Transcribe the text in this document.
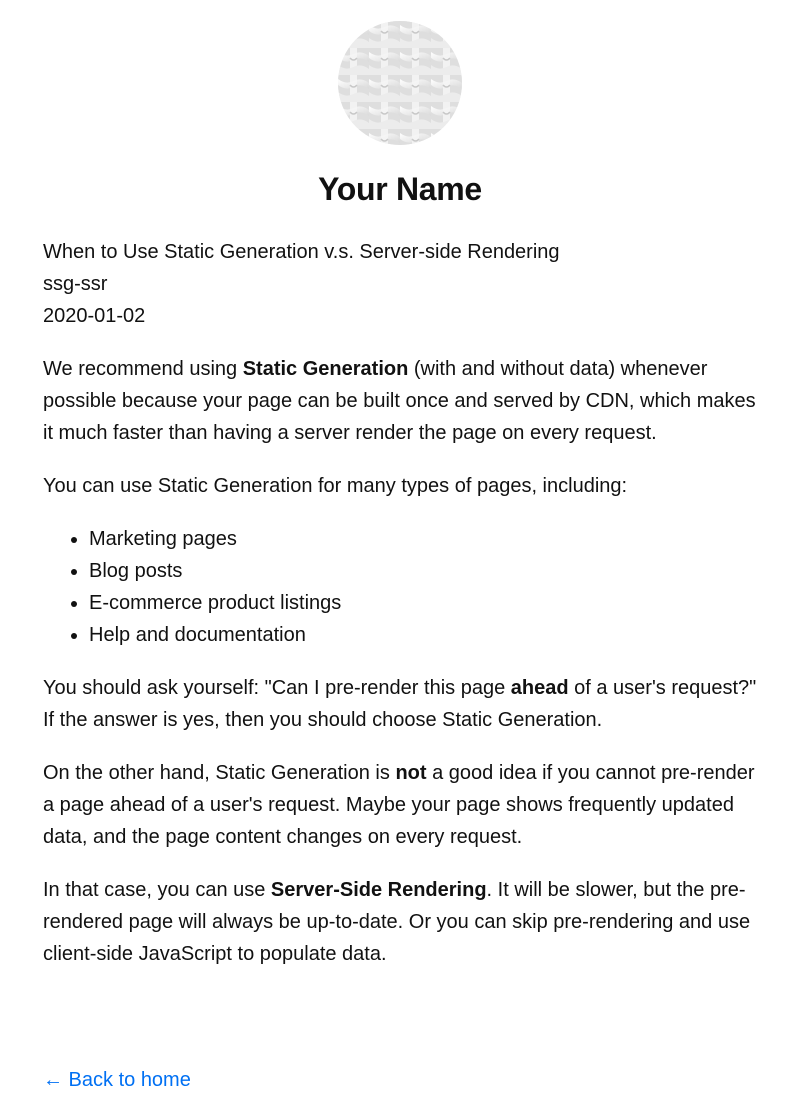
Your Name
When to Use Static Generation v.s. Server-side Rendering
ssg-ssr
2020-01-02

We recommend using Static Generation (with and without data) whenever possible because your page can be built once and served by CDN, which makes it much faster than having a server render the page on every request.

You can use Static Generation for many types of pages, including:

• Marketing pages
• Blog posts
• E-commerce product listings
• Help and documentation

You should ask yourself: "Can I pre-render this page ahead of a user's request?" If the answer is yes, then you should choose Static Generation.

On the other hand, Static Generation is not a good idea if you cannot pre-render a page ahead of a user's request. Maybe your page shows frequently updated data, and the page content changes on every request.

In that case, you can use Server-Side Rendering. It will be slower, but the pre-rendered page will always be up-to-date. Or you can skip pre-rendering and use client-side JavaScript to populate data.

← Back to home
